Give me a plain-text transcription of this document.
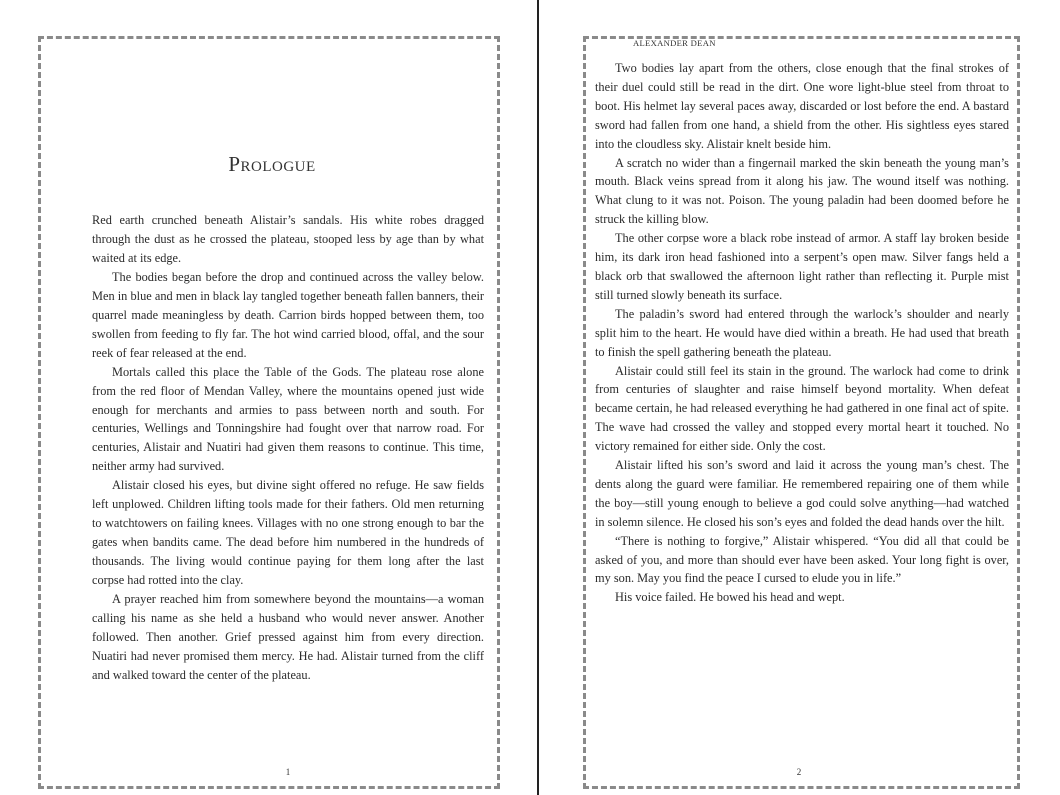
Prologue

Red earth crunched beneath Alistair’s sandals. His white robes dragged through the dust as he crossed the plateau, stooped less by age than by what waited at its edge.

The bodies began before the drop and continued across the valley below. Men in blue and men in black lay tangled together beneath fallen banners, their quarrel made meaningless by death. Carrion birds hopped between them, too swollen from feeding to fly far. The hot wind carried blood, offal, and the sour reek of fear released at the end.

Mortals called this place the Table of the Gods. The plateau rose alone from the red floor of Mendan Valley, where the mountains opened just wide enough for merchants and armies to pass between north and south. For centuries, Wellings and Tonningshire had fought over that narrow road. For centuries, Alistair and Nuatiri had given them reasons to continue. This time, neither army had survived.

Alistair closed his eyes, but divine sight offered no refuge. He saw fields left unplowed. Children lifting tools made for their fathers. Old men returning to watchtowers on failing knees. Villages with no one strong enough to bar the gates when bandits came. The dead before him numbered in the hundreds of thousands. The living would continue paying for them long after the last corpse had rotted into the clay.

A prayer reached him from somewhere beyond the mountains—a woman calling his name as she held a husband who would never answer. Another followed. Then another. Grief pressed against him from every direction. Nuatiri had never promised them mercy. He had. Alistair turned from the cliff and walked toward the center of the plateau.

1
ALEXANDER DEAN

Two bodies lay apart from the others, close enough that the final strokes of their duel could still be read in the dirt. One wore light-blue steel from throat to boot. His helmet lay several paces away, discarded or lost before the end. A bastard sword had fallen from one hand, a shield from the other. His sightless eyes stared into the cloudless sky. Alistair knelt beside him.

A scratch no wider than a fingernail marked the skin beneath the young man’s mouth. Black veins spread from it along his jaw. The wound itself was nothing. What clung to it was not. Poison. The young paladin had been doomed before he struck the killing blow.

The other corpse wore a black robe instead of armor. A staff lay broken beside him, its dark iron head fashioned into a serpent’s open maw. Silver fangs held a black orb that swallowed the afternoon light rather than reflecting it. Purple mist still turned slowly beneath its surface.

The paladin’s sword had entered through the warlock’s shoulder and nearly split him to the heart. He would have died within a breath. He had used that breath to finish the spell gathering beneath the plateau.

Alistair could still feel its stain in the ground. The warlock had come to drink from centuries of slaughter and raise himself beyond mortality. When defeat became certain, he had released everything he had gathered in one final act of spite. The wave had crossed the valley and stopped every mortal heart it touched. No victory remained for either side. Only the cost.

Alistair lifted his son’s sword and laid it across the young man’s chest. The dents along the guard were familiar. He remembered repairing one of them while the boy—still young enough to believe a god could solve anything—had watched in solemn silence. He closed his son’s eyes and folded the dead hands over the hilt.

“There is nothing to forgive,” Alistair whispered. “You did all that could be asked of you, and more than should ever have been asked. Your long fight is over, my son. May you find the peace I cursed to elude you in life.”

His voice failed. He bowed his head and wept.

2
